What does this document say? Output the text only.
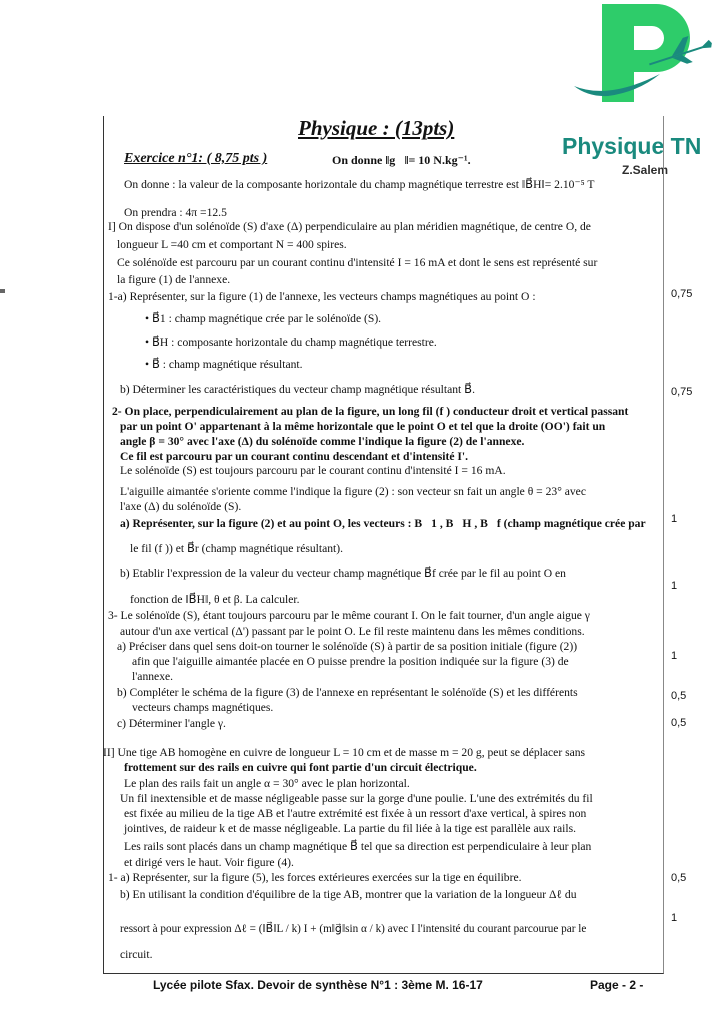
Physique TN
Z.Salem
Physique : (13pts)
Exercice n°1: ( 8,75 pts )	On donne ‖g⃗‖= 10 N.kg⁻¹.
On donne : la valeur de la composante horizontale du champ magnétique terrestre est ‖B⃗H‖= 2.10⁻⁵ T
On prendra : 4π =12.5
I] On dispose d'un solénoïde (S) d'axe (Δ) perpendiculaire au plan méridien magnétique, de centre O, de
longueur L =40 cm et comportant N = 400 spires.
Ce solénoïde est parcouru par un courant continu d'intensité I = 16 mA et dont le sens est représenté sur
la figure (1) de l'annexe.
1-a) Représenter, sur la figure (1) de l'annexe, les vecteurs champs magnétiques au point O :
• B⃗1 : champ magnétique crée par le solénoïde (S).
• B⃗H : composante horizontale du champ magnétique terrestre.
• B⃗ : champ magnétique résultant.
b) Déterminer les caractéristiques du vecteur champ magnétique résultant B⃗.
2- On place, perpendiculairement au plan de la figure, un long fil (f ) conducteur droit et vertical passant
par un point O' appartenant à la même horizontale que le point O et tel que la droite (OO') fait un
angle β = 30° avec l'axe (Δ) du solénoïde comme l'indique la figure (2) de l'annexe.
Ce fil est parcouru par un courant continu descendant et d'intensité I'.
Le solénoïde (S) est toujours parcouru par le courant continu d'intensité I = 16 mA.
L'aiguille aimantée s'oriente comme l'indique la figure (2) : son vecteur sn fait un angle θ = 23° avec
l'axe (Δ) du solénoïde (S).
a) Représenter, sur la figure (2) et au point O, les vecteurs : B⃗1 , B⃗H , B⃗f (champ magnétique crée par
le fil (f )) et B⃗r (champ magnétique résultant).
b) Etablir l'expression de la valeur du vecteur champ magnétique B⃗f crée par le fil au point O en
fonction de ‖B⃗H‖, θ et β. La calculer.
3- Le solénoïde (S), étant toujours parcouru par le même courant I. On le fait tourner, d'un angle aigue γ
autour d'un axe vertical (Δ') passant par le point O. Le fil reste maintenu dans les mêmes conditions.
a) Préciser dans quel sens doit-on tourner le solénoïde (S) à partir de sa position initiale (figure (2))
afin que l'aiguille aimantée placée en O puisse prendre la position indiquée sur la figure (3) de
l'annexe.
b) Compléter le schéma de la figure (3) de l'annexe en représentant le solénoïde (S) et les différents
vecteurs champs magnétiques.
c) Déterminer l'angle γ.
II] Une tige AB homogène en cuivre de longueur L = 10 cm et de masse m = 20 g, peut se déplacer sans
frottement sur des rails en cuivre qui font partie d'un circuit électrique.
Le plan des rails fait un angle α = 30° avec le plan horizontal.
Un fil inextensible et de masse négligeable passe sur la gorge d'une poulie. L'une des extrémités du fil
est fixée au milieu de la tige AB et l'autre extrémité est fixée à un ressort d'axe vertical, à spires non
jointives, de raideur k et de masse négligeable. La partie du fil liée à la tige est parallèle aux rails.
Les rails sont placés dans un champ magnétique B⃗ tel que sa direction est perpendiculaire à leur plan
et dirigé vers le haut. Voir figure (4).
1- a) Représenter, sur la figure (5), les forces extérieures exercées sur la tige en équilibre.
b) En utilisant la condition d'équilibre de la tige AB, montrer que la variation de la longueur Δℓ du
ressort à pour expression Δℓ = (‖B⃗‖L / k) I + (m‖g⃗‖sin α / k) avec I l'intensité du courant parcourue par le
circuit.
0,75
0,75
1
1
1
0,5
0,5
0,5
1
Lycée pilote Sfax. Devoir de synthèse N°1 : 3ème M. 16-17	Page - 2 -
